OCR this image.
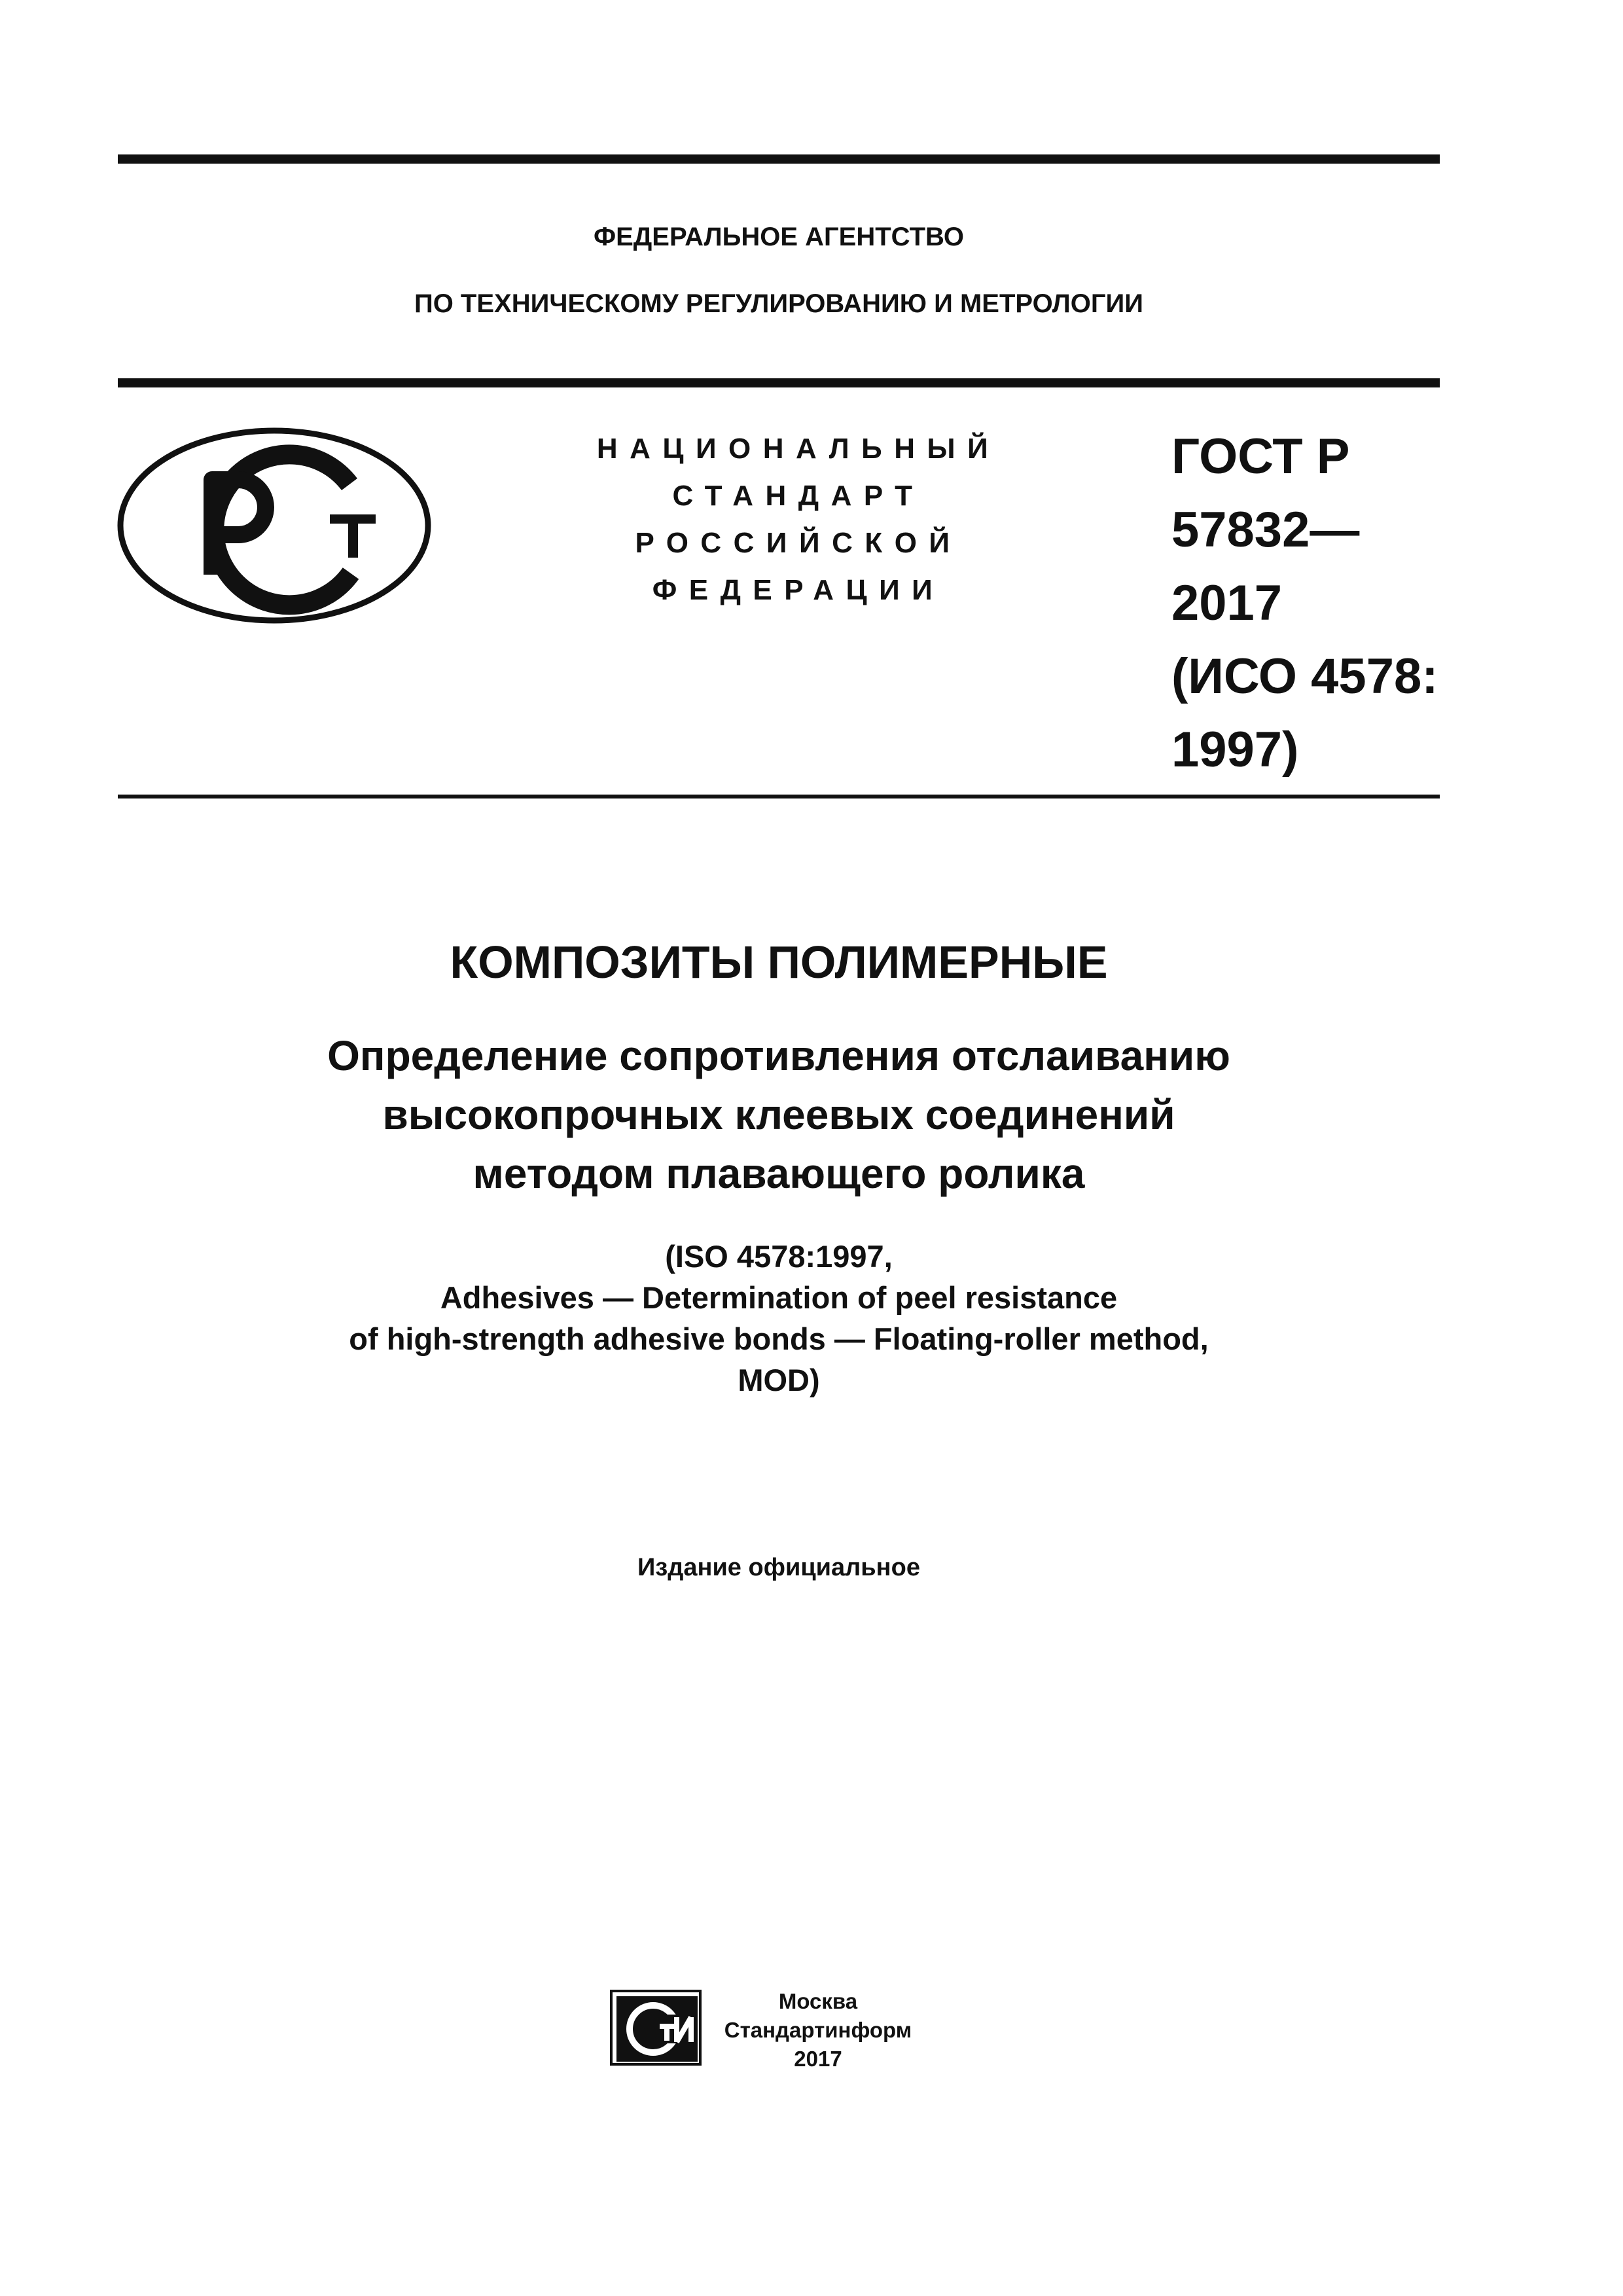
ФЕДЕРАЛЬНОЕ АГЕНТСТВО
ПО ТЕХНИЧЕСКОМУ РЕГУЛИРОВАНИЮ И МЕТРОЛОГИИ
НАЦИОНАЛЬНЫЙ
СТАНДАРТ
РОССИЙСКОЙ
ФЕДЕРАЦИИ
ГОСТ Р
57832—
2017
(ИСО 4578:
1997)
КОМПОЗИТЫ ПОЛИМЕРНЫЕ
Определение сопротивления отслаиванию
высокопрочных клеевых соединений
методом плавающего ролика
(ISO 4578:1997,
Adhesives — Determination of peel resistance
of high-strength adhesive bonds — Floating-roller method,
MOD)
Издание официальное
Москва
Стандартинформ
2017
